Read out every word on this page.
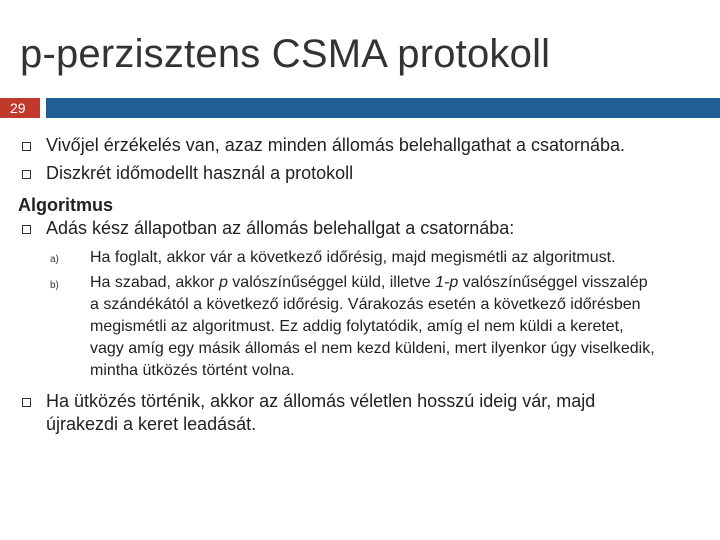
p-perzisztens CSMA protokoll
29
Vivőjel érzékelés van, azaz minden állomás belehallgathat a csatornába.
Diszkrét időmodellt használ a protokoll
Algoritmus
Adás kész állapotban az állomás belehallgat a csatornába:
a) Ha foglalt, akkor vár a következő időrésig, majd megismétli az algoritmust.
b) Ha szabad, akkor p valószínűséggel küld, illetve 1-p valószínűséggel visszalép
a szándékától a következő időrésig. Várakozás esetén a következő időrésben
megismétli az algoritmust. Ez addig folytatódik, amíg el nem küldi a keretet,
vagy amíg egy másik állomás el nem kezd küldeni, mert ilyenkor úgy viselkedik,
mintha ütközés történt volna.
Ha ütközés történik, akkor az állomás véletlen hosszú ideig vár, majd
újrakezdi a keret leadását.
